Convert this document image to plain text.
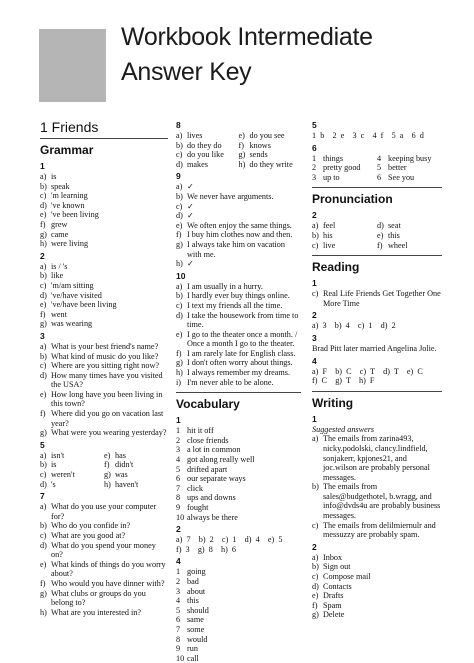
Workbook Intermediate
Answer Key
1 Friends
Grammar
1
a) is
b) speak
c) 'm learning
d) 've known
e) 've been living
f) grew
g) came
h) were living
2
a) is / 's
b) like
c) 'm/am sitting
d) 've/have visited
e) 've/have been living
f) went
g) was wearing
3
a) What is your best friend's name?
b) What kind of music do you like?
c) Where are you sitting right now?
d) How many times have you visited the USA?
e) How long have you been living in this town?
f) Where did you go on vacation last year?
g) What were you wearing yesterday?
5
a) isn't	e) has
b) is	f) didn't
c) weren't	g) was
d) 's	h) haven't
7
a) What do you use your computer for?
b) Who do you confide in?
c) What are you good at?
d) What do you spend your money on?
e) What kinds of things do you worry about?
f) Who would you have dinner with?
g) What clubs or groups do you belong to?
h) What are you interested in?
8
a) lives	e) do you see
b) do they do	f) knows
c) do you like	g) sends
d) makes	h) do they write
9
a) ✓
b) We never have arguments.
c) ✓
d) ✓
e) We often enjoy the same things.
f) I buy him clothes now and then.
g) I always take him on vacation with me.
h) ✓
10
a) I am usually in a hurry.
b) I hardly ever buy things online.
c) I text my friends all the time.
d) I take the housework from time to time.
e) I go to the theater once a month. / Once a month I go to the theater.
f) I am rarely late for English class.
g) I don't often worry about things.
h) I always remember my dreams.
i) I'm never able to be alone.
Vocabulary
1
1 hit it off
2 close friends
3 a lot in common
4 got along really well
5 drifted apart
6 our separate ways
7 click
8 ups and downs
9 fought
10 always be there
2
a)  7    b)  2    c)  1    d)  4    e)  5
f)  3    g)  8    h)  6
4
1 going
2 bad
3 about
4 this
5 should
6 same
7 some
8 would
9 run
10 call
5
1  b    2  e    3  c    4  f    5  a    6  d
6
1 things	4 keeping busy
2 pretty good	5 better
3 up to	6 See you
Pronunciation
2
a) feel	d) seat
b) his	e) this
c) live	f) wheel
Reading
1
c) Real Life Friends Get Together One More Time
2
a)  3    b)  4    c)  1    d)  2
3
Brad Pitt later married Angelina Jolie.
4
a)  F    b)  C    c)  T    d)  T    e)  C
f)  C    g)  T    h)  F
Writing
1
Suggested answers
a) The emails from zarina493, nicky.podolski, clancy.lindfield, sonjakerr, kpjones21, and joc.wilson are probably personal messages.
b) The emails from sales@budgethotel, b.wragg, and info@dvds4u are probably business messages.
c) The emails from delilmiernulr and messuzzy are probably spam.
2
a) Inbox
b) Sign out
c) Compose mail
d) Contacts
e) Drafts
f) Spam
g) Delete
